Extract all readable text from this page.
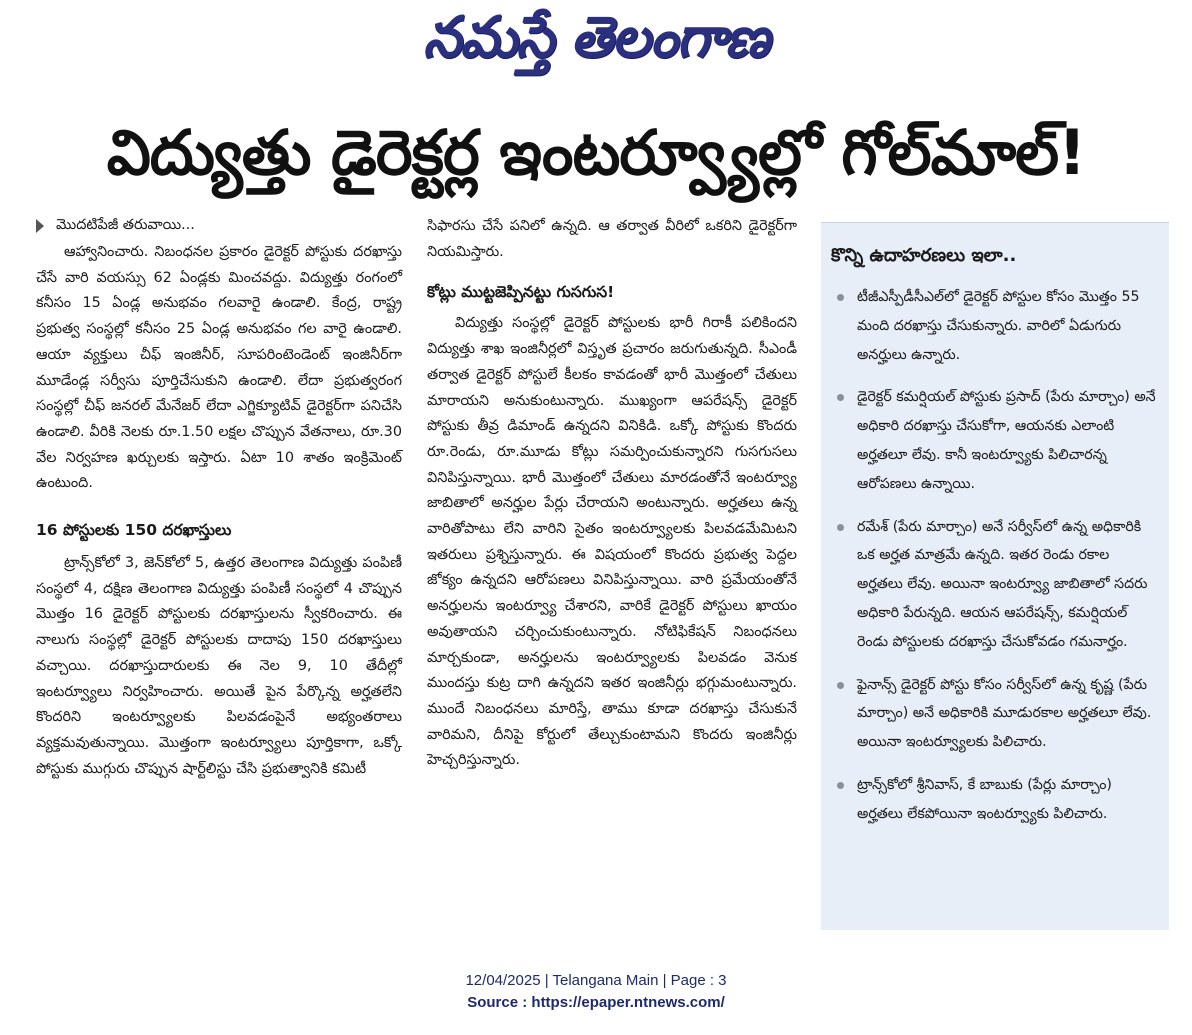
నమస్తే తెలంగాణ
విద్యుత్తు డైరెక్టర్ల ఇంటర్వ్యూల్లో గోల్‌మాల్!
మొదటిపేజీ తరువాయి...

ఆహ్వానించారు. నిబంధనల ప్రకారం డైరెక్టర్ పోస్టుకు దరఖాస్తు చేసే వారి వయస్సు 62 ఏండ్లకు మించవద్దు. విద్యుత్తు రంగంలో కనీసం 15 ఏండ్ల అనుభవం గలవారై ఉండాలి. కేంద్ర, రాష్ట్ర ప్రభుత్వ సంస్థల్లో కనీసం 25 ఏండ్ల అనుభవం గల వారై ఉండాలి. ఆయా వ్యక్తులు చీఫ్ ఇంజినీర్, సూపరింటెండెంట్ ఇంజినీర్‌గా మూడేండ్ల సర్వీసు పూర్తిచేసుకుని ఉండాలి. లేదా ప్రభుత్వరంగ సంస్థల్లో చీఫ్ జనరల్ మేనేజర్ లేదా ఎగ్జిక్యూటివ్ డైరెక్టర్‌గా పనిచేసి ఉండాలి. వీరికి నెలకు రూ.1.50 లక్షల చొప్పున వేతనాలు, రూ.30 వేల నిర్వహణ ఖర్చులకు ఇస్తారు. ఏటా 10 శాతం ఇంక్రిమెంట్ ఉంటుంది.

16 పోస్టులకు 150 దరఖాస్తులు

ట్రాన్స్‌కోలో 3, జెన్‌కోలో 5, ఉత్తర తెలంగాణ విద్యుత్తు పంపిణీ సంస్థలో 4, దక్షిణ తెలంగాణ విద్యుత్తు పంపిణీ సంస్థలో 4 చొప్పున మొత్తం 16 డైరెక్టర్ పోస్టులకు దరఖాస్తులను స్వీకరించారు. ఈ నాలుగు సంస్థల్లో డైరెక్టర్ పోస్టులకు దాదాపు 150 దరఖాస్తులు వచ్చాయి. దరఖాస్తుదారులకు ఈ నెల 9, 10 తేదీల్లో ఇంటర్వ్యూలు నిర్వహించారు. అయితే పైన పేర్కొన్న అర్హతలేని కొందరిని ఇంటర్వ్యూలకు పిలవడంపైనే అభ్యంతరాలు వ్యక్తమవుతున్నాయి. మొత్తంగా ఇంటర్వ్యూలు పూర్తికాగా, ఒక్కో పోస్టుకు ముగ్గురు చొప్పున షార్ట్‌లిస్టు చేసి ప్రభుత్వానికి కమిటీ

సిఫారసు చేసే పనిలో ఉన్నది. ఆ తర్వాత వీరిలో ఒకరిని డైరెక్టర్‌గా నియమిస్తారు.

కోట్లు ముట్టజెప్పినట్టు గుసగుస!

విద్యుత్తు సంస్థల్లో డైరెక్టర్ పోస్టులకు భారీ గిరాకీ పలికిందని విద్యుత్తు శాఖ ఇంజినీర్లలో విస్తృత ప్రచారం జరుగుతున్నది. సీఎండీ తర్వాత డైరెక్టర్ పోస్టులే కీలకం కావడంతో భారీ మొత్తంలో చేతులు మారాయని అనుకుంటున్నారు. ముఖ్యంగా ఆపరేషన్స్ డైరెక్టర్ పోస్టుకు తీవ్ర డిమాండ్ ఉన్నదని వినికిడి. ఒక్కో పోస్టుకు కొందరు రూ.రెండు, రూ.మూడు కోట్లు సమర్పించుకున్నారని గుసగుసలు వినిపిస్తున్నాయి. భారీ మొత్తంలో చేతులు మారడంతోనే ఇంటర్వ్యూ జాబితాలో అనర్హుల పేర్లు చేరాయని అంటున్నారు. అర్హతలు ఉన్న వారితోపాటు లేని వారిని సైతం ఇంటర్వ్యూలకు పిలవడమేమిటని ఇతరులు ప్రశ్నిస్తున్నారు. ఈ విషయంలో కొందరు ప్రభుత్వ పెద్దల జోక్యం ఉన్నదని ఆరోపణలు వినిపిస్తున్నాయి. వారి ప్రమేయంతోనే అనర్హులను ఇంటర్వ్యూ చేశారని, వారికే డైరెక్టర్ పోస్టులు ఖాయం అవుతాయని చర్చించుకుంటున్నారు. నోటిఫికేషన్ నిబంధనలు మార్చకుండా, అనర్హులను ఇంటర్వ్యూలకు పిలవడం వెనుక ముందస్తు కుట్ర దాగి ఉన్నదని ఇతర ఇంజినీర్లు భగ్గుమంటున్నారు. ముందే నిబంధనలు మారిస్తే, తాము కూడా దరఖాస్తు చేసుకునే వారిమని, దీనిపై కోర్టులో తేల్చుకుంటామని కొందరు ఇంజినీర్లు హెచ్చరిస్తున్నారు.

కొన్ని ఉదాహరణలు ఇలా..
టీజీఎస్పీడీసీఎల్‌లో డైరెక్టర్ పోస్టుల కోసం మొత్తం 55 మంది దరఖాస్తు చేసుకున్నారు. వారిలో ఏడుగురు అనర్హులు ఉన్నారు.
డైరెక్టర్ కమర్షియల్ పోస్టుకు ప్రసాద్ (పేరు మార్చాం) అనే అధికారి దరఖాస్తు చేసుకోగా, ఆయనకు ఎలాంటి అర్హతలూ లేవు. కానీ ఇంటర్వ్యూకు పిలిచారన్న ఆరోపణలు ఉన్నాయి.
రమేశ్ (పేరు మార్చాం) అనే సర్వీస్‌లో ఉన్న అధికారికి ఒక అర్హత మాత్రమే ఉన్నది. ఇతర రెండు రకాల అర్హతలు లేవు. అయినా ఇంటర్వ్యూ జాబితాలో సదరు అధికారి పేరున్నది. ఆయన ఆపరేషన్స్, కమర్షియల్ రెండు పోస్టులకు దరఖాస్తు చేసుకోవడం గమనార్హం.
ఫైనాన్స్ డైరెక్టర్ పోస్టు కోసం సర్వీస్‌లో ఉన్న కృష్ణ (పేరు మార్చాం) అనే అధికారికి మూడురకాల అర్హతలూ లేవు. అయినా ఇంటర్వ్యూలకు పిలిచారు.
ట్రాన్స్‌కోలో శ్రీనివాస్, కే బాబుకు (పేర్లు మార్చాం) అర్హతలు లేకపోయినా ఇంటర్వ్యూకు పిలిచారు.
12/04/2025 | Telangana Main | Page : 3
Source : https://epaper.ntnews.com/
